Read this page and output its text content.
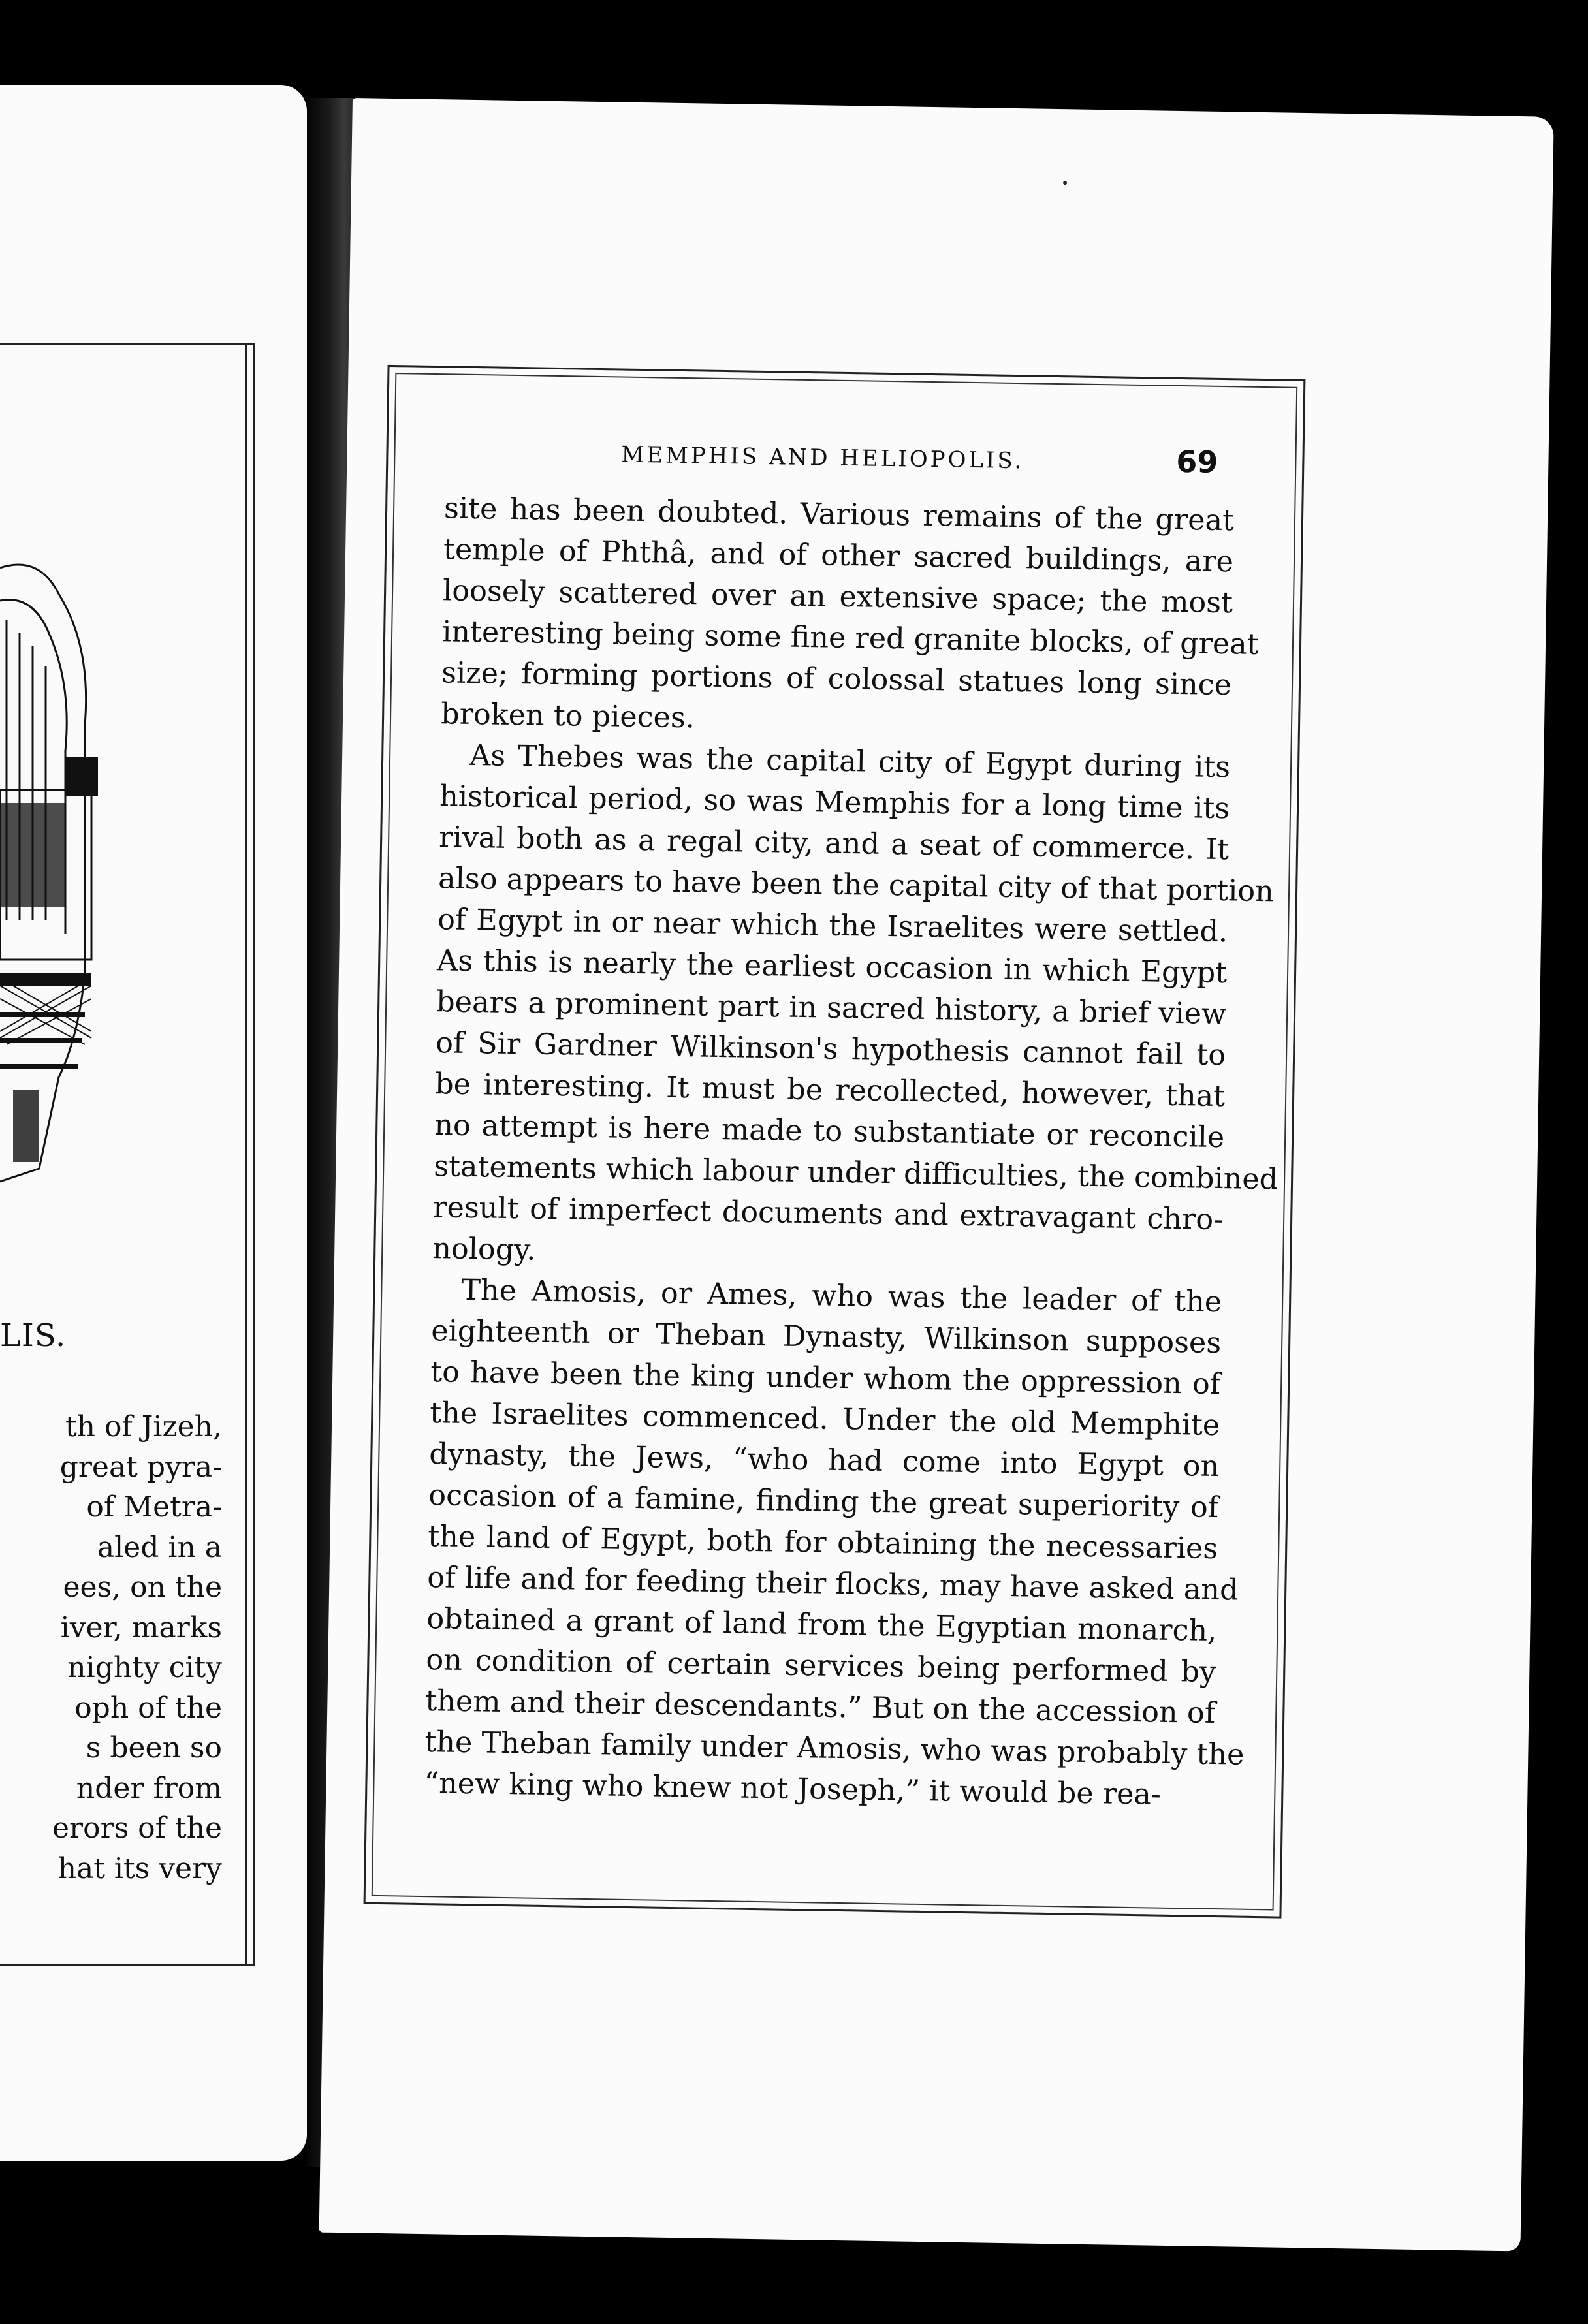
LIS.
th of Jizeh,
great pyra-
of Metra-
aled in a
ees, on the
iver, marks
nighty city
oph of the
s been so
nder from
erors of the
hat its very
MEMPHIS AND HELIOPOLIS.	69
site has been doubted. Various remains of the great
temple of Phthâ, and of other sacred buildings, are
loosely scattered over an extensive space; the most
interesting being some fine red granite blocks, of great
size; forming portions of colossal statues long since
broken to pieces.
As Thebes was the capital city of Egypt during its
historical period, so was Memphis for a long time its
rival both as a regal city, and a seat of commerce. It
also appears to have been the capital city of that portion
of Egypt in or near which the Israelites were settled.
As this is nearly the earliest occasion in which Egypt
bears a prominent part in sacred history, a brief view
of Sir Gardner Wilkinson's hypothesis cannot fail to
be interesting. It must be recollected, however, that
no attempt is here made to substantiate or reconcile
statements which labour under difficulties, the combined
result of imperfect documents and extravagant chro-
nology.
The Amosis, or Ames, who was the leader of the
eighteenth or Theban Dynasty, Wilkinson supposes
to have been the king under whom the oppression of
the Israelites commenced. Under the old Memphite
dynasty, the Jews, “who had come into Egypt on
occasion of a famine, finding the great superiority of
the land of Egypt, both for obtaining the necessaries
of life and for feeding their flocks, may have asked and
obtained a grant of land from the Egyptian monarch,
on condition of certain services being performed by
them and their descendants.” But on the accession of
the Theban family under Amosis, who was probably the
“new king who knew not Joseph,” it would be rea-
